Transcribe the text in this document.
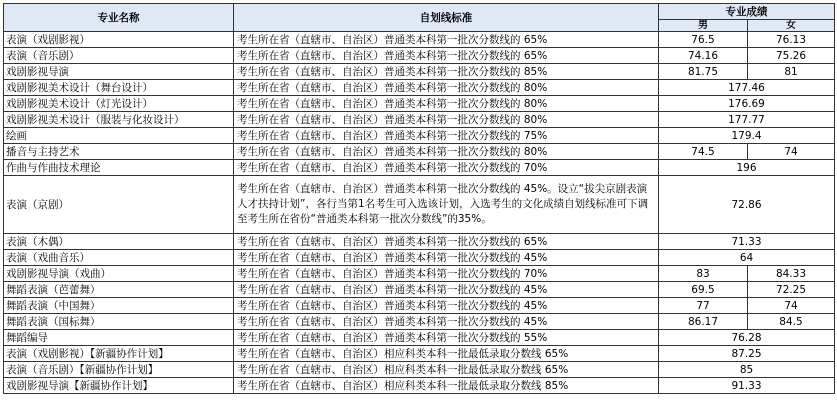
专业名称	自划线标准	专业成绩	
		男	女
表演（戏剧影视）	考生所在省（直辖市、自治区）普通类本科第一批次分数线的 65%	76.5	76.13
表演（音乐剧）	考生所在省（直辖市、自治区）普通类本科第一批次分数线的 65%	74.16	75.26
戏剧影视导演	考生所在省（直辖市、自治区）普通类本科第一批次分数线的 85%	81.75	81
戏剧影视美术设计（舞台设计）	考生所在省（直辖市、自治区）普通类本科第一批次分数线的 80%	177.46	
戏剧影视美术设计（灯光设计）	考生所在省（直辖市、自治区）普通类本科第一批次分数线的 80%	176.69	
戏剧影视美术设计（服装与化妆设计）	考生所在省（直辖市、自治区）普通类本科第一批次分数线的 80%	177.77	
绘画	考生所在省（直辖市、自治区）普通类本科第一批次分数线的 75%	179.4	
播音与主持艺术	考生所在省（直辖市、自治区）普通类本科第一批次分数线的 80%	74.5	74
作曲与作曲技术理论	考生所在省（直辖市、自治区）普通类本科第一批次分数线的 70%	196	
表演（京剧）	考生所在省（直辖市、自治区）普通类本科第一批次分数线的 45%。设立“拔尖京剧表演人才扶持计划”，各行当第1名考生可入选该计划，入选考生的文化成绩自划线标准可下调至考生所在省份“普通类本科第一批次分数线”的35%。	72.86	
表演（木偶）	考生所在省（直辖市、自治区）普通类本科第一批次分数线的 65%	71.33	
表演（戏曲音乐）	考生所在省（直辖市、自治区）普通类本科第一批次分数线的 45%	64	
戏剧影视导演（戏曲）	考生所在省（直辖市、自治区）普通类本科第一批次分数线的 70%	83	84.33
舞蹈表演（芭蕾舞）	考生所在省（直辖市、自治区）普通类本科第一批次分数线的 45%	69.5	72.25
舞蹈表演（中国舞）	考生所在省（直辖市、自治区）普通类本科第一批次分数线的 45%	77	74
舞蹈表演（国标舞）	考生所在省（直辖市、自治区）普通类本科第一批次分数线的 45%	86.17	84.5
舞蹈编导	考生所在省（直辖市、自治区）普通类本科第一批次分数线的 55%	76.28	
表演（戏剧影视）【新疆协作计划】	考生所在省（直辖市、自治区）相应科类本科一批最低录取分数线 65%	87.25	
表演（音乐剧）【新疆协作计划】	考生所在省（直辖市、自治区）相应科类本科一批最低录取分数线 65%	85	
戏剧影视导演【新疆协作计划】	考生所在省（直辖市、自治区）相应科类本科一批最低录取分数线 85%	91.33	
